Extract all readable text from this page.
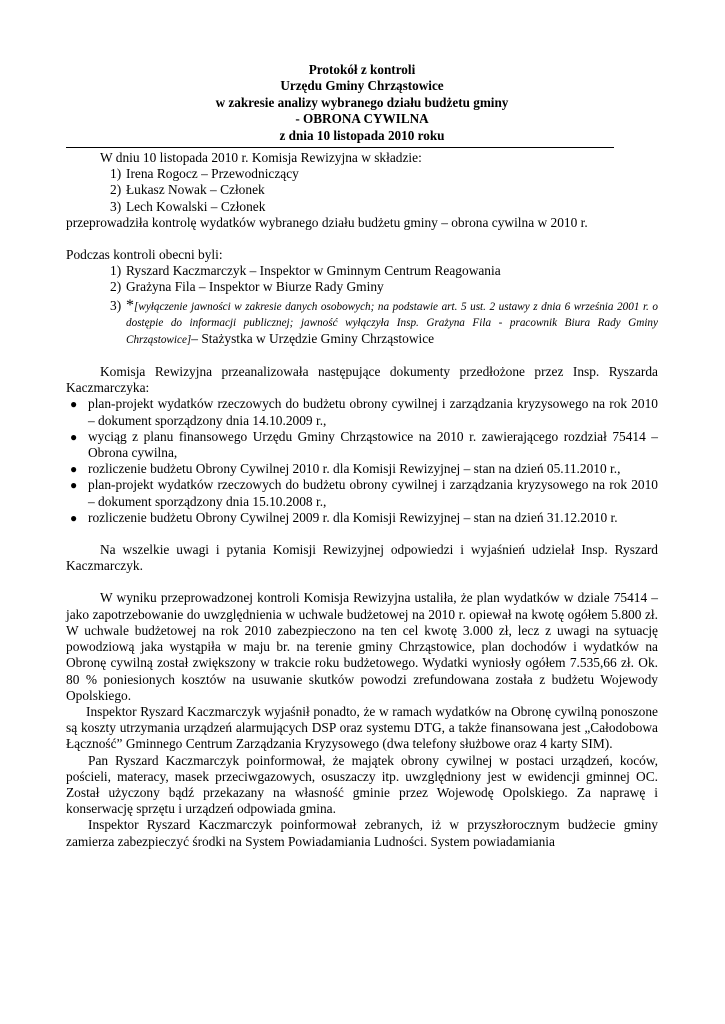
Protokół z kontroli
Urzędu Gminy Chrząstowice
w zakresie analizy wybranego działu budżetu gminy
- OBRONA CYWILNA
z dnia 10 listopada 2010 roku

W dniu 10 listopada 2010 r. Komisja Rewizyjna w składzie:

1) Irena Rogocz – Przewodniczący
2) Łukasz Nowak – Członek
3) Lech Kowalski – Członek

przeprowadziła kontrolę wydatków wybranego działu budżetu gminy – obrona cywilna w 2010 r.

Podczas kontroli obecni byli:

1) Ryszard Kaczmarczyk – Inspektor w Gminnym Centrum Reagowania
2) Grażyna Fila – Inspektor w Biurze Rady Gminy
3) *[wyłączenie jawności w zakresie danych osobowych; na podstawie art. 5 ust. 2 ustawy z dnia 6 września 2001 r. o dostępie do informacji publicznej; jawność wyłączyła Insp. Grażyna Fila - pracownik Biura Rady Gminy Chrząstowice]– Stażystka w Urzędzie Gminy Chrząstowice

Komisja Rewizyjna przeanalizowała następujące dokumenty przedłożone przez Insp. Ryszarda Kaczmarczyka:

● plan-projekt wydatków rzeczowych do budżetu obrony cywilnej i zarządzania kryzysowego na rok 2010 – dokument sporządzony dnia 14.10.2009 r.,
● wyciąg z planu finansowego Urzędu Gminy Chrząstowice na 2010 r. zawierającego rozdział 75414 – Obrona cywilna,
● rozliczenie budżetu Obrony Cywilnej 2010 r. dla Komisji Rewizyjnej – stan na dzień 05.11.2010 r.,
● plan-projekt wydatków rzeczowych do budżetu obrony cywilnej i zarządzania kryzysowego na rok 2010 – dokument sporządzony dnia 15.10.2008 r.,
● rozliczenie budżetu Obrony Cywilnej 2009 r. dla Komisji Rewizyjnej – stan na dzień 31.12.2010 r.

Na wszelkie uwagi i pytania Komisji Rewizyjnej odpowiedzi i wyjaśnień udzielał Insp. Ryszard Kaczmarczyk.

W wyniku przeprowadzonej kontroli Komisja Rewizyjna ustaliła, że plan wydatków w dziale 75414 – jako zapotrzebowanie do uwzględnienia w uchwale budżetowej na 2010 r. opiewał na kwotę ogółem 5.800 zł. W uchwale budżetowej na rok 2010 zabezpieczono na ten cel kwotę 3.000 zł, lecz z uwagi na sytuację powodziową jaka wystąpiła w maju br. na terenie gminy Chrząstowice, plan dochodów i wydatków na Obronę cywilną został zwiększony w trakcie roku budżetowego. Wydatki wyniosły ogółem 7.535,66 zł. Ok. 80 % poniesionych kosztów na usuwanie skutków powodzi zrefundowana została z budżetu Wojewody Opolskiego.

Inspektor Ryszard Kaczmarczyk wyjaśnił ponadto, że w ramach wydatków na Obronę cywilną ponoszone są koszty utrzymania urządzeń alarmujących DSP oraz systemu DTG, a także finansowana jest „Całodobowa Łączność” Gminnego Centrum Zarządzania Kryzysowego (dwa telefony służbowe oraz 4 karty SIM).

Pan Ryszard Kaczmarczyk poinformował, że majątek obrony cywilnej w postaci urządzeń, koców, pościeli, materacy, masek przeciwgazowych, osuszaczy itp. uwzględniony jest w ewidencji gminnej OC. Został użyczony bądź przekazany na własność gminie przez Wojewodę Opolskiego. Za naprawę i konserwację sprzętu i urządzeń odpowiada gmina.

Inspektor Ryszard Kaczmarczyk poinformował zebranych, iż w przyszłorocznym budżecie gminy zamierza zabezpieczyć środki na System Powiadamiania Ludności. System powiadamiania
